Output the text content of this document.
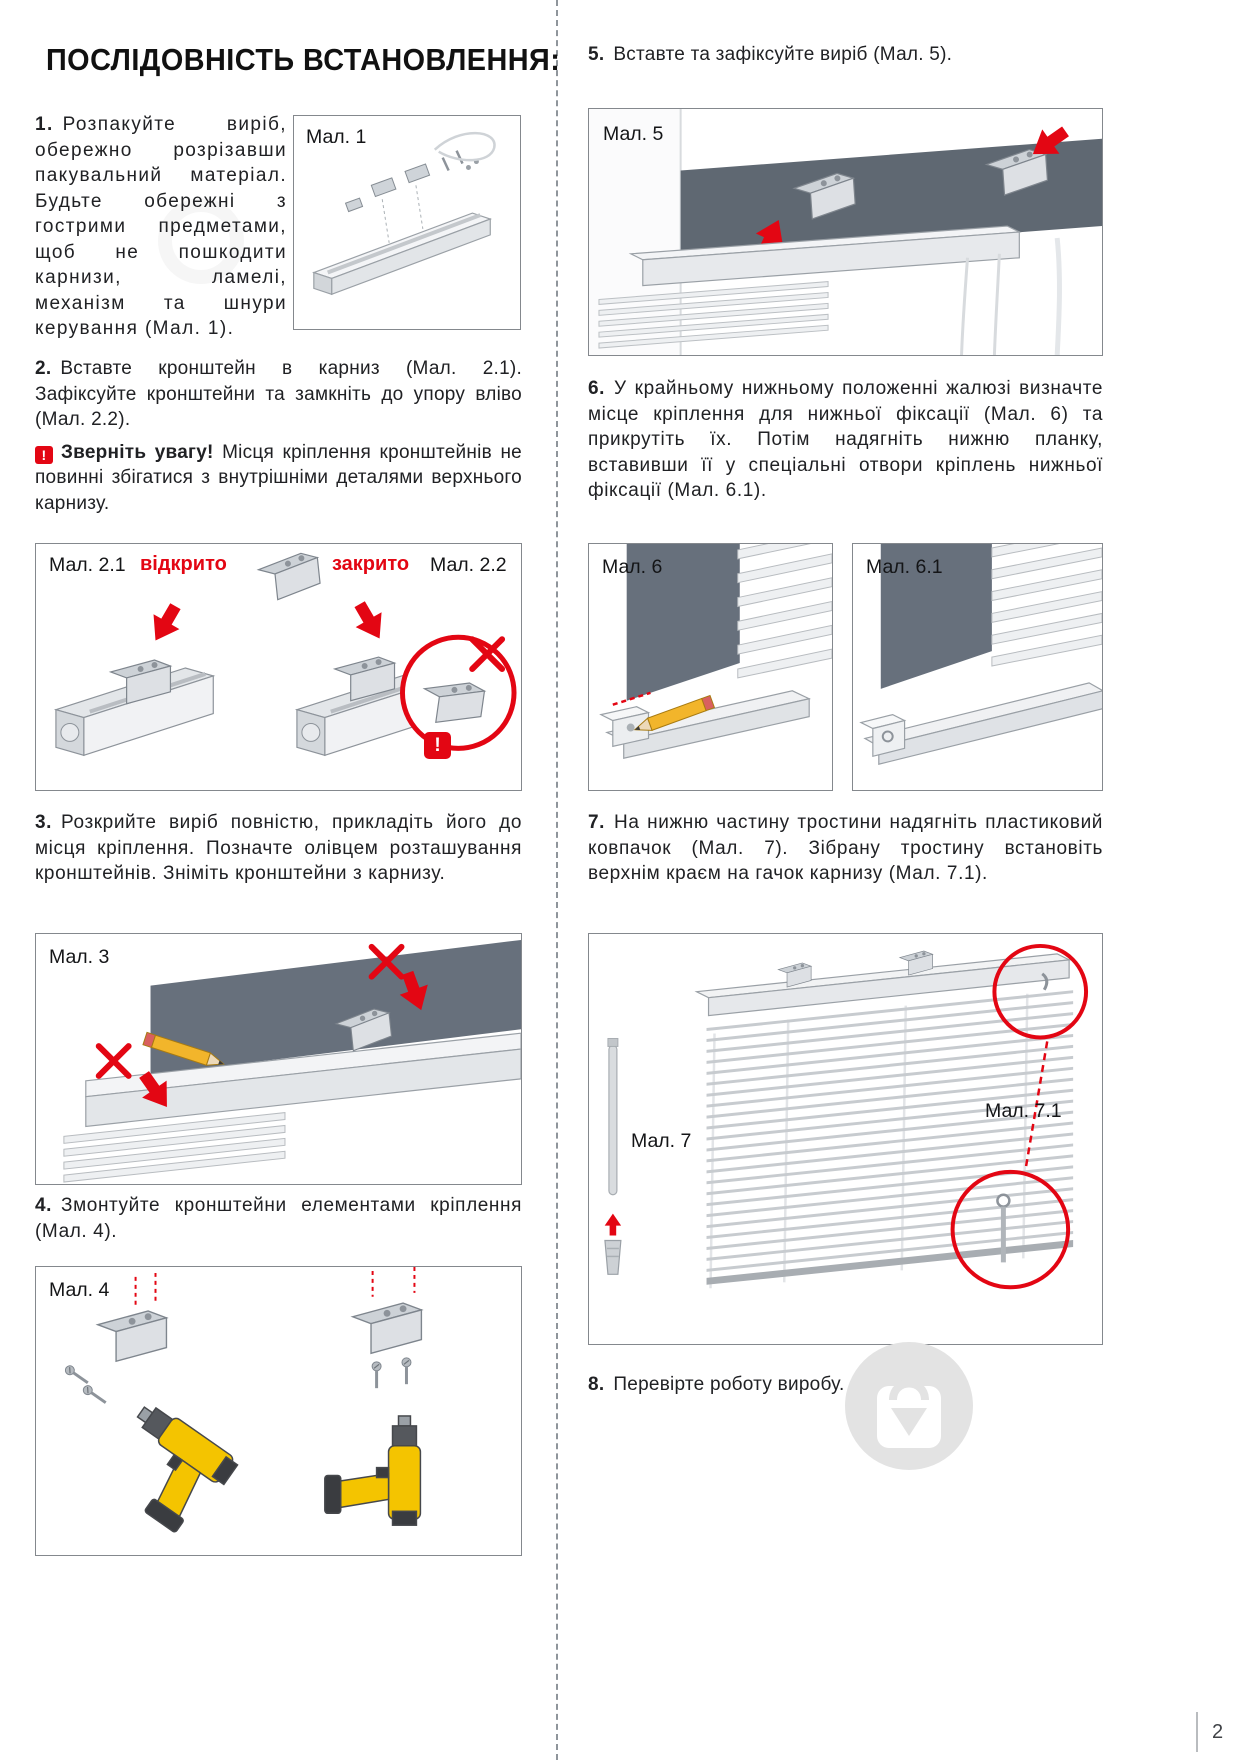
ПОСЛІДОВНІСТЬ ВСТАНОВЛЕННЯ:

1. Розпакуйте виріб, обережно розрізавши пакувальний матеріал. Будьте обережні з гострими предметами, щоб не пошкодити карнизи, ламелі, механізм та шнури керування (Мал. 1).

Мал. 1

2. Вставте кронштейн в карниз (Мал. 2.1). Зафіксуйте кронштейни та замкніть до упору вліво (Мал. 2.2).

! Зверніть увагу! Місця кріплення кронштейнів не повинні збігатися з внутрішніми деталями верхнього карнизу.

Мал. 2.1 відкрито	закрито Мал. 2.2
!

3. Розкрийте виріб повністю, прикладіть його до місця кріплення. Позначте олівцем розташування кронштейнів. Зніміть кронштейни з карнизу.

Мал. 3

4. Змонтуйте кронштейни елементами кріплення (Мал. 4).

Мал. 4

5. Вставте та зафіксуйте виріб (Мал. 5).

Мал. 5

6. У крайньому нижньому положенні жалюзі визначте місце кріплення для нижньої фіксації (Мал. 6) та прикрутіть їх. Потім надягніть нижню планку, вставивши її у спеціальні отвори кріплень нижньої фіксації (Мал. 6.1).

Мал. 6	Мал. 6.1

7. На нижню частину тростини надягніть пластиковий ковпачок (Мал. 7). Зібрану тростину встановіть верхнім краєм на гачок карнизу (Мал. 7.1).

Мал. 7
Мал. 7.1

8. Перевірте роботу виробу.

2
